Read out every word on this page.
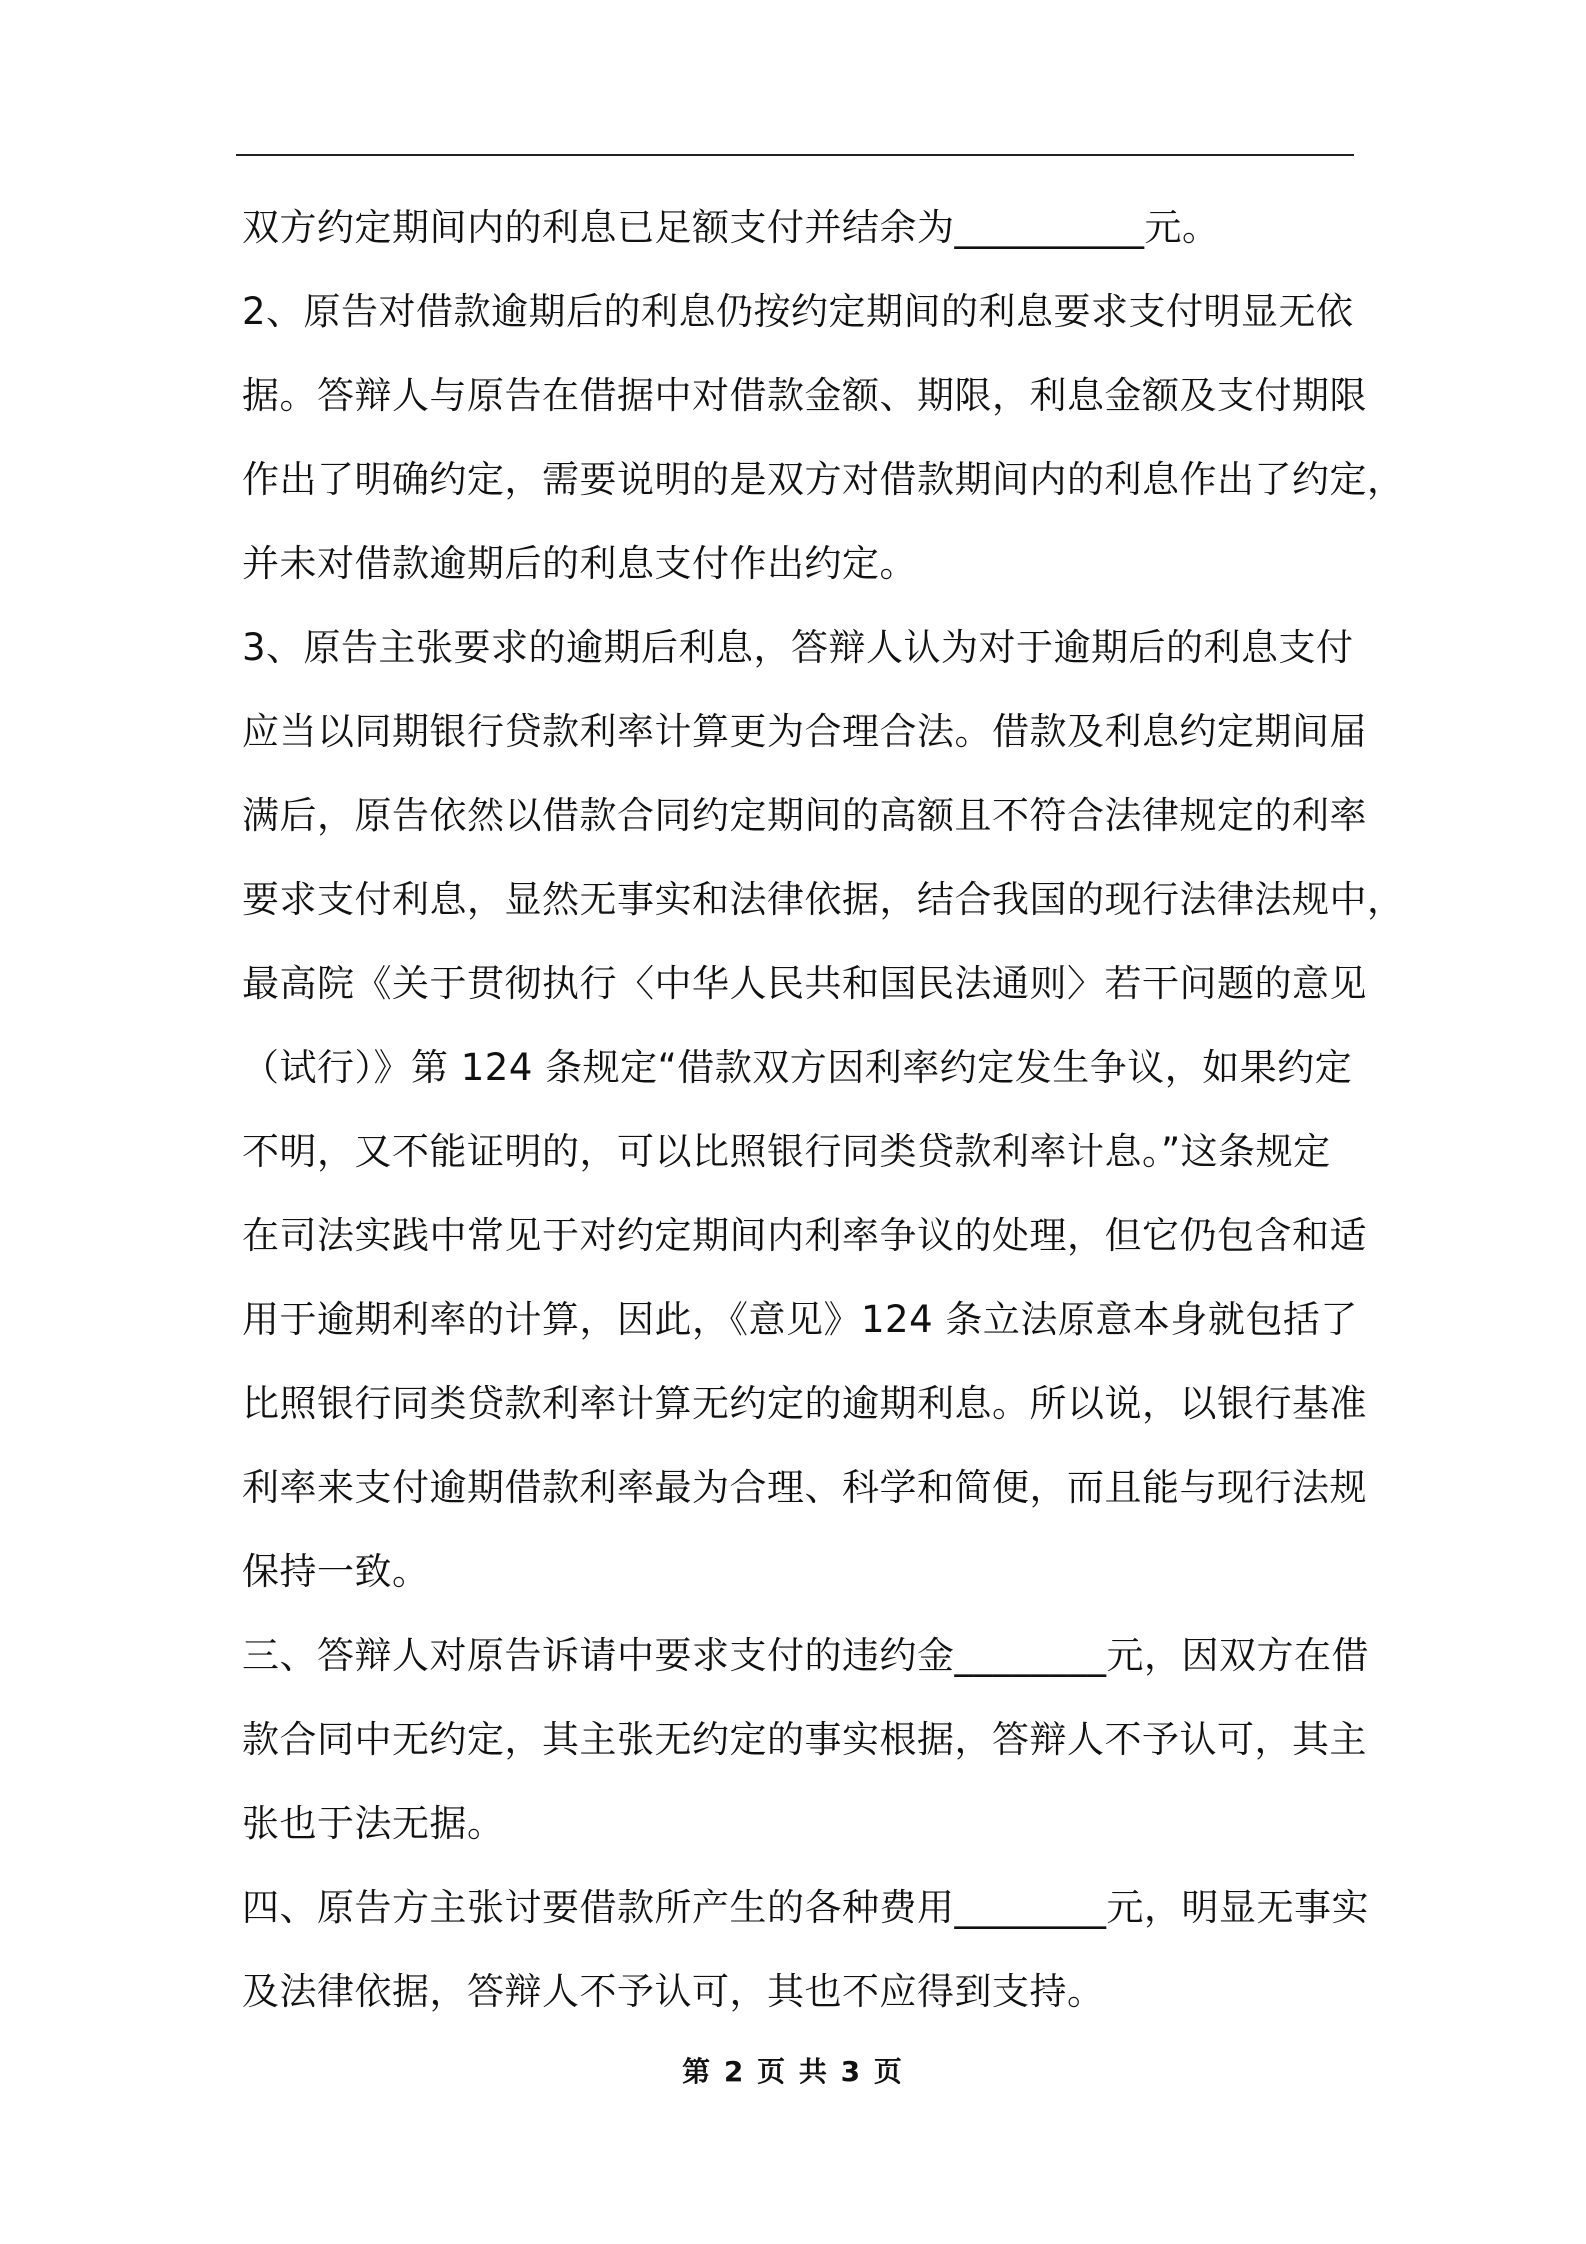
双方约定期间内的利息已足额支付并结余为__________元。
2、原告对借款逾期后的利息仍按约定期间的利息要求支付明显无依
据。答辩人与原告在借据中对借款金额、期限，利息金额及支付期限
作出了明确约定，需要说明的是双方对借款期间内的利息作出了约定，
并未对借款逾期后的利息支付作出约定。
3、原告主张要求的逾期后利息，答辩人认为对于逾期后的利息支付
应当以同期银行贷款利率计算更为合理合法。借款及利息约定期间届
满后，原告依然以借款合同约定期间的高额且不符合法律规定的利率
要求支付利息，显然无事实和法律依据，结合我国的现行法律法规中，
最高院《关于贯彻执行〈中华人民共和国民法通则〉若干问题的意见
（试行）》第 124 条规定“借款双方因利率约定发生争议，如果约定
不明，又不能证明的，可以比照银行同类贷款利率计息。”这条规定
在司法实践中常见于对约定期间内利率争议的处理，但它仍包含和适
用于逾期利率的计算，因此，《意见》124 条立法原意本身就包括了
比照银行同类贷款利率计算无约定的逾期利息。所以说，以银行基准
利率来支付逾期借款利率最为合理、科学和简便，而且能与现行法规
保持一致。
三、答辩人对原告诉请中要求支付的违约金________元，因双方在借
款合同中无约定，其主张无约定的事实根据，答辩人不予认可，其主
张也于法无据。
四、原告方主张讨要借款所产生的各种费用________元，明显无事实
及法律依据，答辩人不予认可，其也不应得到支持。
第 2 页 共 3 页
